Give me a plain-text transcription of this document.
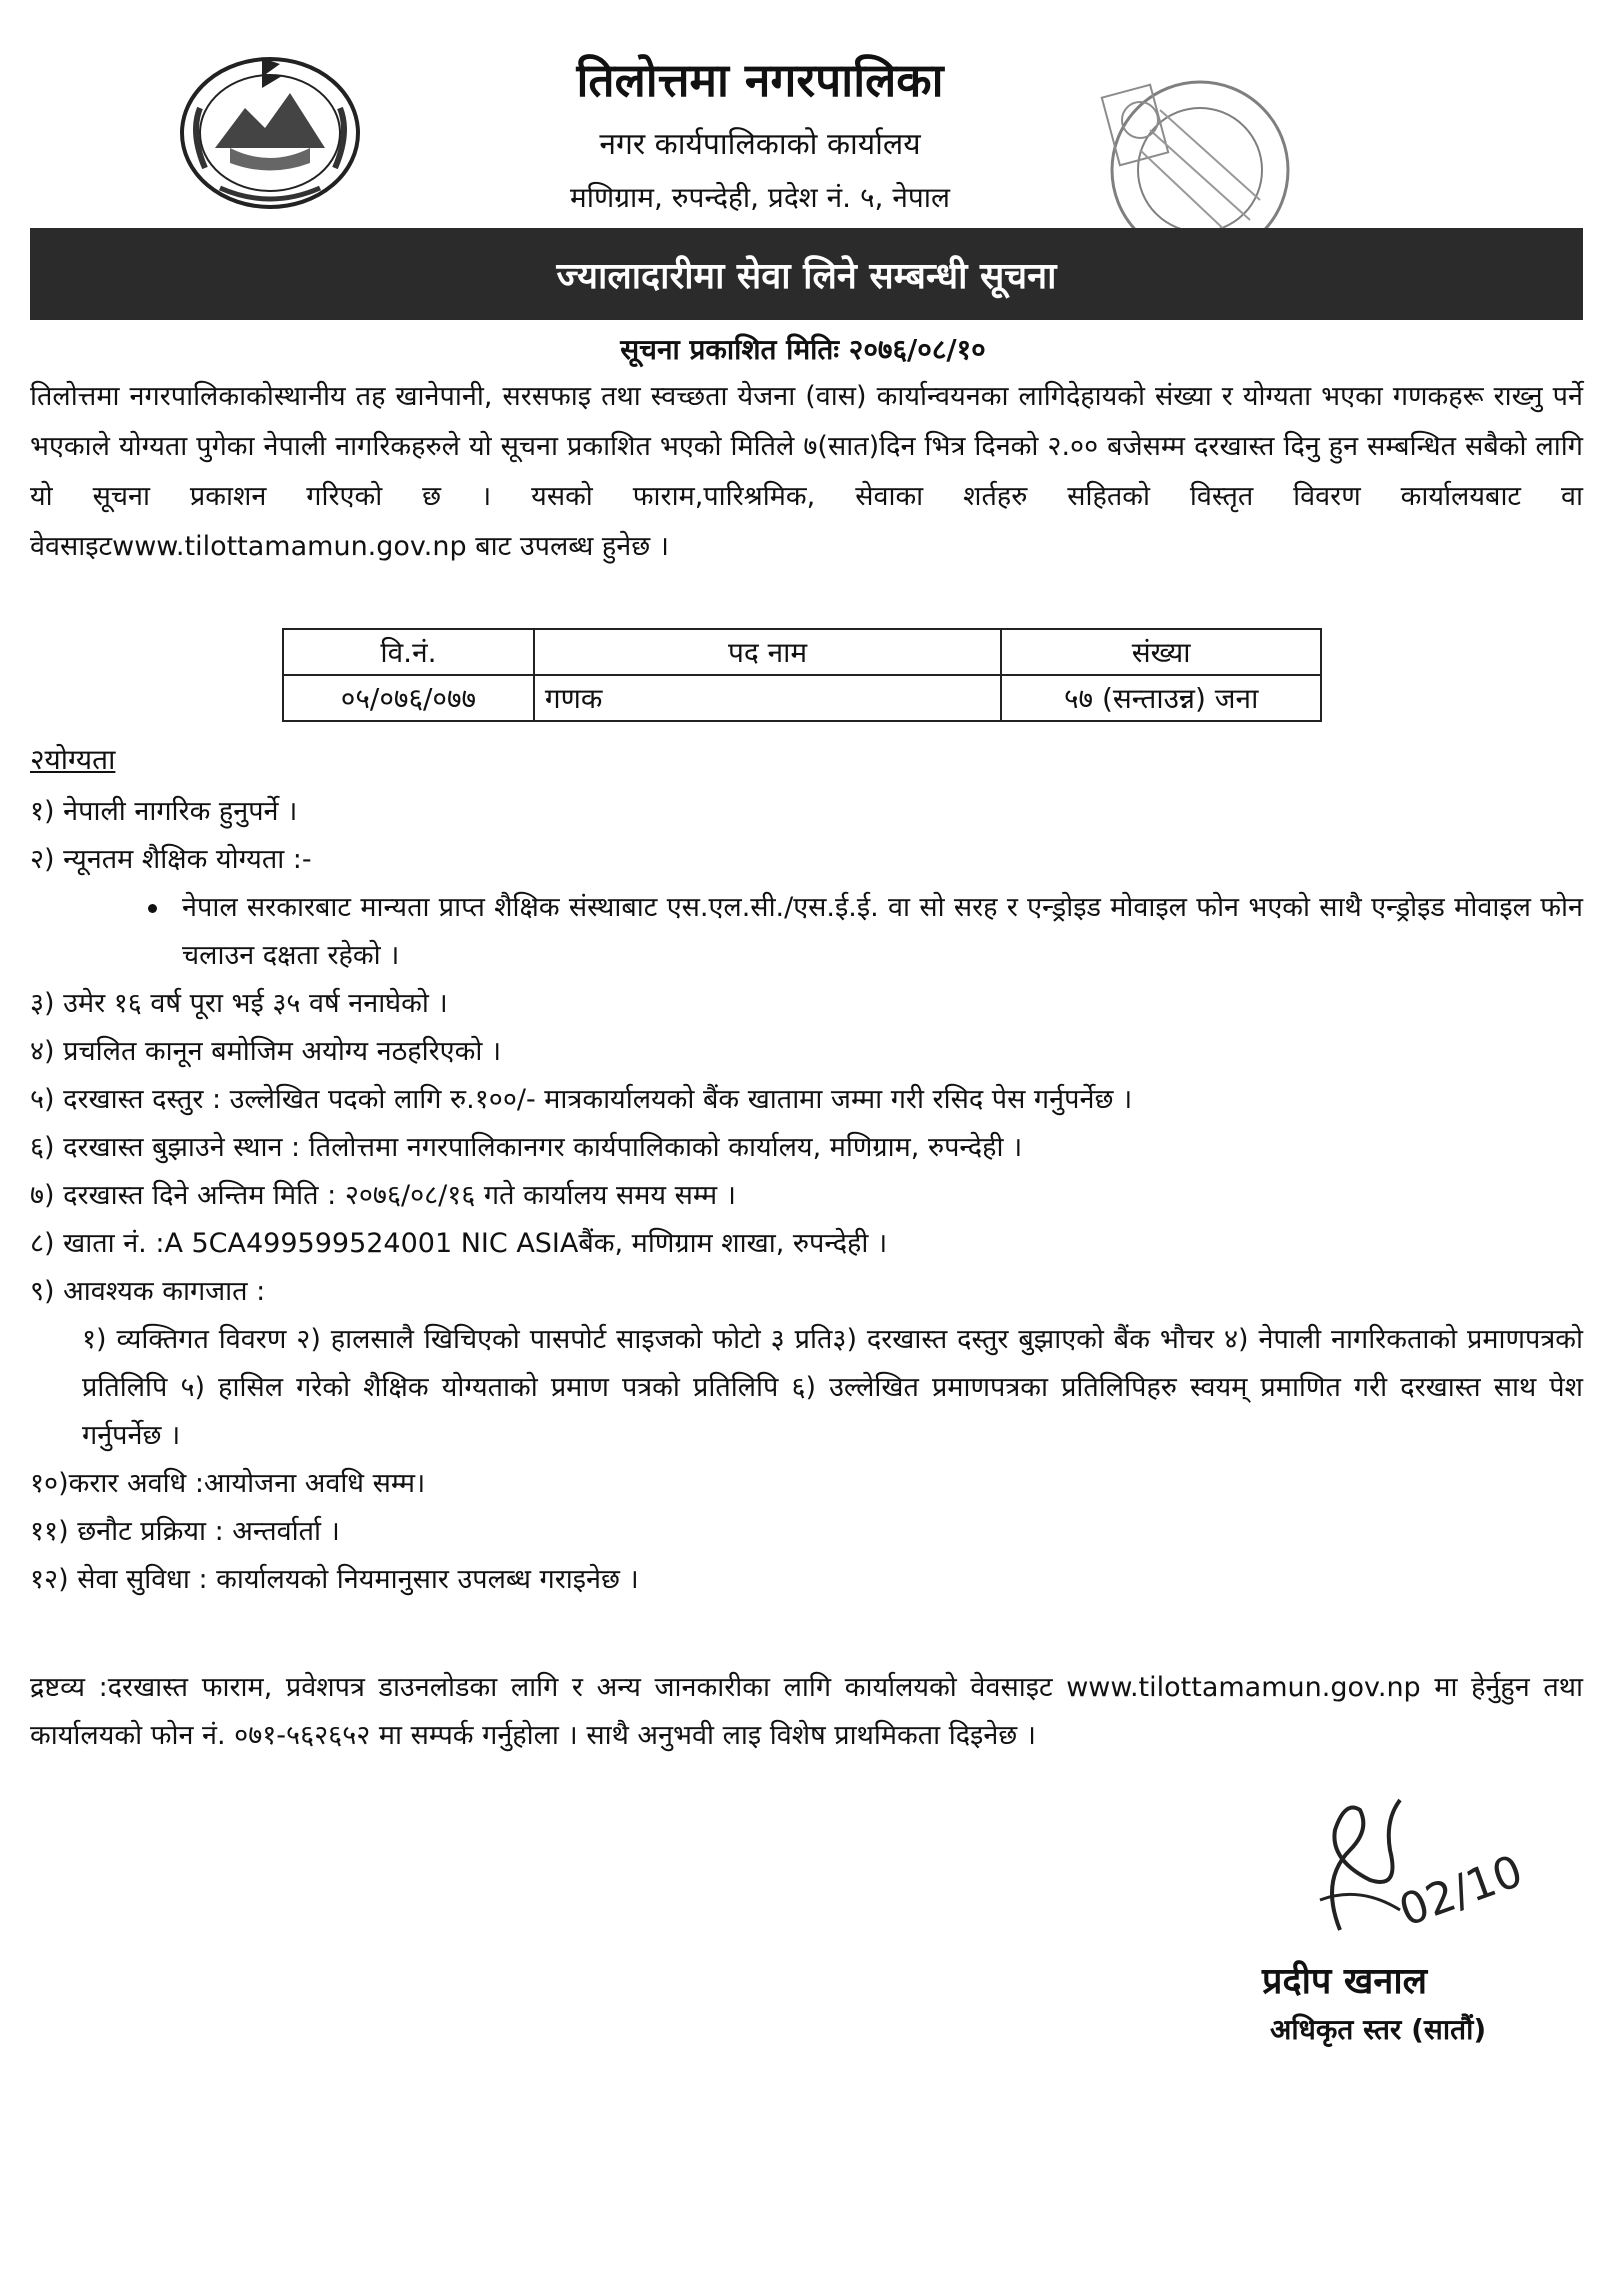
तिलोत्तमा नगरपालिका
नगर कार्यपालिकाको कार्यालय
मणिग्राम, रुपन्देही, प्रदेश नं. ५, नेपाल
ज्यालादारीमा सेवा लिने सम्बन्धी सूचना
सूचना प्रकाशित मितिः २०७६/०८/१०
तिलोत्तमा नगरपालिकाकोस्थानीय तह खानेपानी, सरसफाइ तथा स्वच्छता येजना (वास) कार्यान्वयनका लागिदेहायको संख्या र योग्यता भएका गणकहरू राख्नु पर्ने भएकाले योग्यता पुगेका नेपाली नागरिकहरुले यो सूचना प्रकाशित भएको मितिले ७(सात)दिन भित्र दिनको २.०० बजेसम्म दरखास्त दिनु हुन सम्बन्धित सबैको लागि यो सूचना प्रकाशन गरिएको छ । यसको फाराम,पारिश्रमिक, सेवाका शर्तहरु सहितको विस्तृत विवरण कार्यालयबाट वा वेवसाइटwww.tilottamamun.gov.np बाट उपलब्ध हुनेछ ।
वि.नं.	पद नाम	संख्या
०५/०७६/०७७	गणक	५७ (सन्ताउन्न) जना
२योग्यता
१) नेपाली नागरिक हुनुपर्ने ।
२) न्यूनतम शैक्षिक योग्यता :-
नेपाल सरकारबाट मान्यता प्राप्त शैक्षिक संस्थाबाट एस.एल.सी./एस.ई.ई. वा सो सरह र एन्ड्रोइड मोवाइल फोन भएको साथै एन्ड्रोइड मोवाइल फोन चलाउन दक्षता रहेको ।
३) उमेर १६ वर्ष पूरा भई ३५ वर्ष ननाघेको ।
४) प्रचलित कानून बमोजिम अयोग्य नठहरिएको ।
५) दरखास्त दस्तुर : उल्लेखित पदको लागि रु.१००/- मात्रकार्यालयको बैंक खातामा जम्मा गरी रसिद पेस गर्नुपर्नेछ ।
६) दरखास्त बुझाउने स्थान : तिलोत्तमा नगरपालिकानगर कार्यपालिकाको कार्यालय, मणिग्राम, रुपन्देही ।
७) दरखास्त दिने अन्तिम मिति : २०७६/०८/१६ गते कार्यालय समय सम्म ।
८) खाता नं. :A 5CA499599524001 NIC ASIAबैंक, मणिग्राम शाखा, रुपन्देही ।
९) आवश्यक कागजात :
१) व्यक्तिगत विवरण २) हालसालै खिचिएको पासपोर्ट साइजको फोटो ३ प्रति३) दरखास्त दस्तुर बुझाएको बैंक भौचर ४) नेपाली नागरिकताको प्रमाणपत्रको प्रतिलिपि ५) हासिल गरेको शैक्षिक योग्यताको प्रमाण पत्रको प्रतिलिपि ६) उल्लेखित प्रमाणपत्रका प्रतिलिपिहरु स्वयम् प्रमाणित गरी दरखास्त साथ पेश गर्नुपर्नेछ ।
१०)करार अवधि :आयोजना अवधि सम्म।
११) छनौट प्रक्रिया : अन्तर्वार्ता ।
१२) सेवा सुविधा : कार्यालयको नियमानुसार उपलब्ध गराइनेछ ।
द्रष्टव्य :दरखास्त फाराम, प्रवेशपत्र डाउनलोडका लागि र अन्य जानकारीका लागि कार्यालयको वेवसाइट www.tilottamamun.gov.np मा हेर्नुहुन तथा कार्यालयको फोन नं. ०७१-५६२६५२ मा सम्पर्क गर्नुहोला । साथै अनुभवी लाइ विशेष प्राथमिकता दिइनेछ ।
02/10
प्रदीप खनाल
अधिकृत स्तर (सातौं)
